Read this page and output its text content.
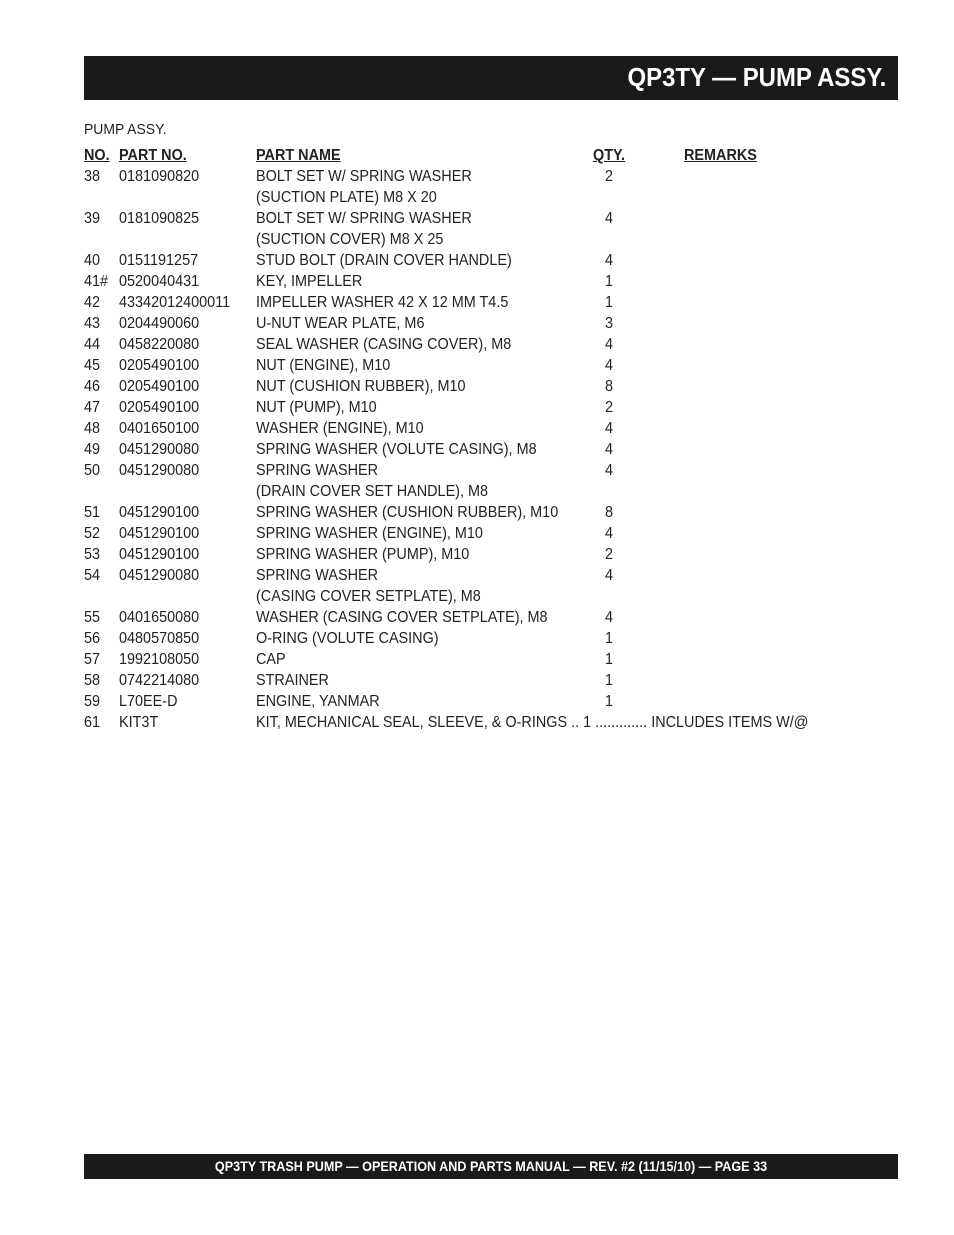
QP3TY — PUMP ASSY.
PUMP ASSY.
NO. PART NO.	PART NAME	QTY.	REMARKS
38 0181090820	BOLT SET W/ SPRING WASHER	2
(SUCTION PLATE) M8 X 20
39 0181090825	BOLT SET W/ SPRING WASHER	4
(SUCTION COVER) M8 X 25
40 0151191257	STUD BOLT (DRAIN COVER HANDLE)	4
41# 0520040431	KEY, IMPELLER	1
42 43342012400011 IMPELLER WASHER 42 X 12 MM T4.5	1
43 0204490060	U-NUT WEAR PLATE, M6	3
44 0458220080	SEAL WASHER (CASING COVER), M8	4
45 0205490100	NUT (ENGINE), M10	4
46 0205490100	NUT (CUSHION RUBBER), M10	8
47 0205490100	NUT (PUMP), M10	2
48 0401650100	WASHER (ENGINE), M10	4
49 0451290080	SPRING WASHER (VOLUTE CASING), M8	4
50 0451290080	SPRING WASHER	4
(DRAIN COVER SET HANDLE), M8
51 0451290100	SPRING WASHER (CUSHION RUBBER), M10	8
52 0451290100	SPRING WASHER (ENGINE), M10	4
53 0451290100	SPRING WASHER (PUMP), M10	2
54 0451290080	SPRING WASHER	4
(CASING COVER SETPLATE), M8
55 0401650080	WASHER (CASING COVER SETPLATE), M8	4
56 0480570850	O-RING (VOLUTE CASING)	1
57 1992108050	CAP	1
58 0742214080	STRAINER	1
59 L70EE-D	ENGINE, YANMAR	1
61 KIT3T	KIT, MECHANICAL SEAL, SLEEVE, & O-RINGS .. 1 ............. INCLUDES ITEMS W/@
QP3TY TRASH PUMP — OPERATION AND PARTS MANUAL — REV. #2 (11/15/10) — PAGE 33
